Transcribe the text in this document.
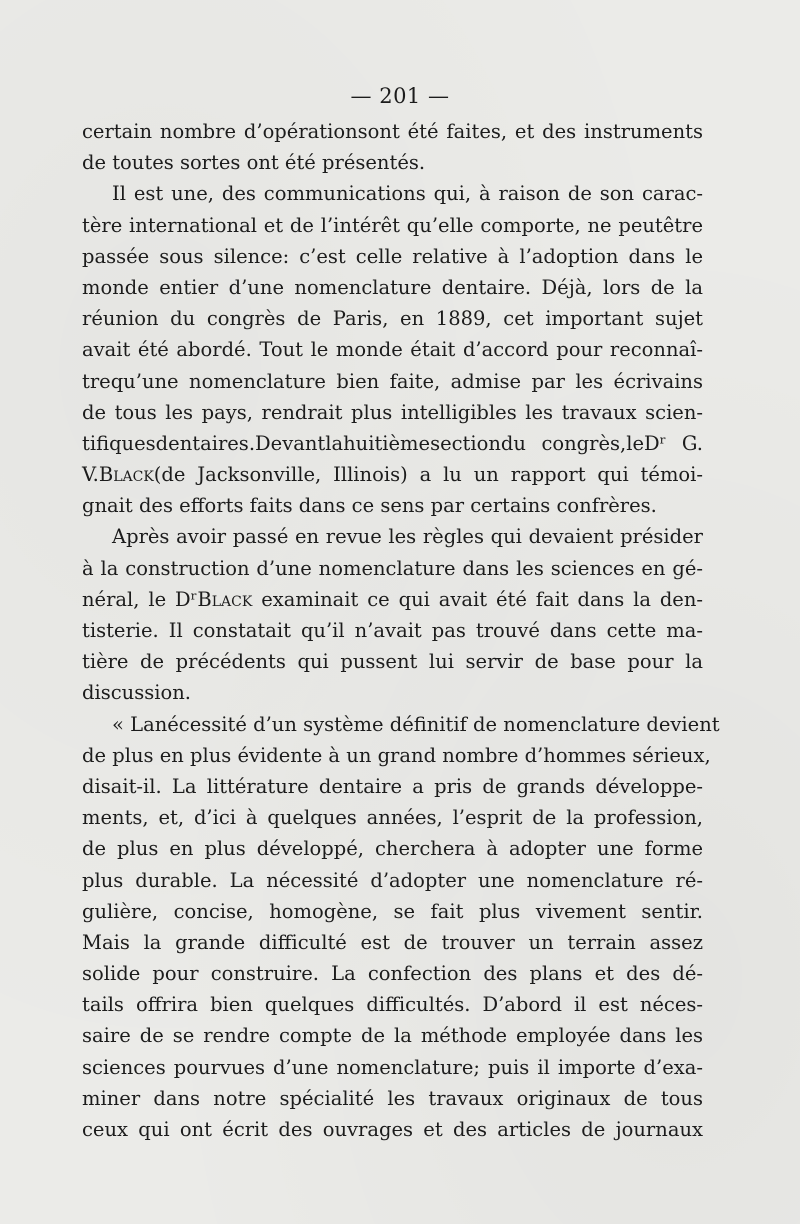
— 201 —
certain nombre d’opérationsont été faites, et des instruments
de toutes sortes ont été présentés.
Il est une, des communications qui, à raison de son carac‑
tère international et de l’intérêt qu’elle comporte, ne peutêtre
passée sous silence: c’est celle relative à l’adoption dans le
monde entier d’une nomenclature dentaire. Déjà, lors de la
réunion du congrès de Paris, en 1889, cet important sujet
avait été abordé. Tout le monde était d’accord pour reconnaî-
trequ’une nomenclature bien faite, admise par les écrivains
de tous les pays, rendrait plus intelligibles les travaux scien-
tifiquesdentaires.Devantlahuitièmesectiondu congrès,leDʳ G.
V.Black(de Jacksonville, Illinois) a lu un rapport qui témoi-
gnait des efforts faits dans ce sens par certains confrères.
Après avoir passé en revue les règles qui devaient présider
à la construction d’une nomenclature dans les sciences en gé-
néral, le DʳBlack examinait ce qui avait été fait dans la den-
tisterie. Il constatait qu’il n’avait pas trouvé dans cette ma-
tière de précédents qui pussent lui servir de base pour la
discussion.
« Lanécessité d’un système définitif de nomenclature devient
de plus en plus évidente à un grand nombre d’hommes sérieux,
disait-il. La littérature dentaire a pris de grands développe-
ments, et, d’ici à quelques années, l’esprit de la profession,
de plus en plus développé, cherchera à adopter une forme
plus durable. La nécessité d’adopter une nomenclature ré-
gulière, concise, homogène, se fait plus vivement sentir.
Mais la grande difficulté est de trouver un terrain assez
solide pour construire. La confection des plans et des dé-
tails offrira bien quelques difficultés. D’abord il est néces-
saire de se rendre compte de la méthode employée dans les
sciences pourvues d’une nomenclature; puis il importe d’exa‑
miner dans notre spécialité les travaux originaux de tous
ceux qui ont écrit des ouvrages et des articles de journaux
